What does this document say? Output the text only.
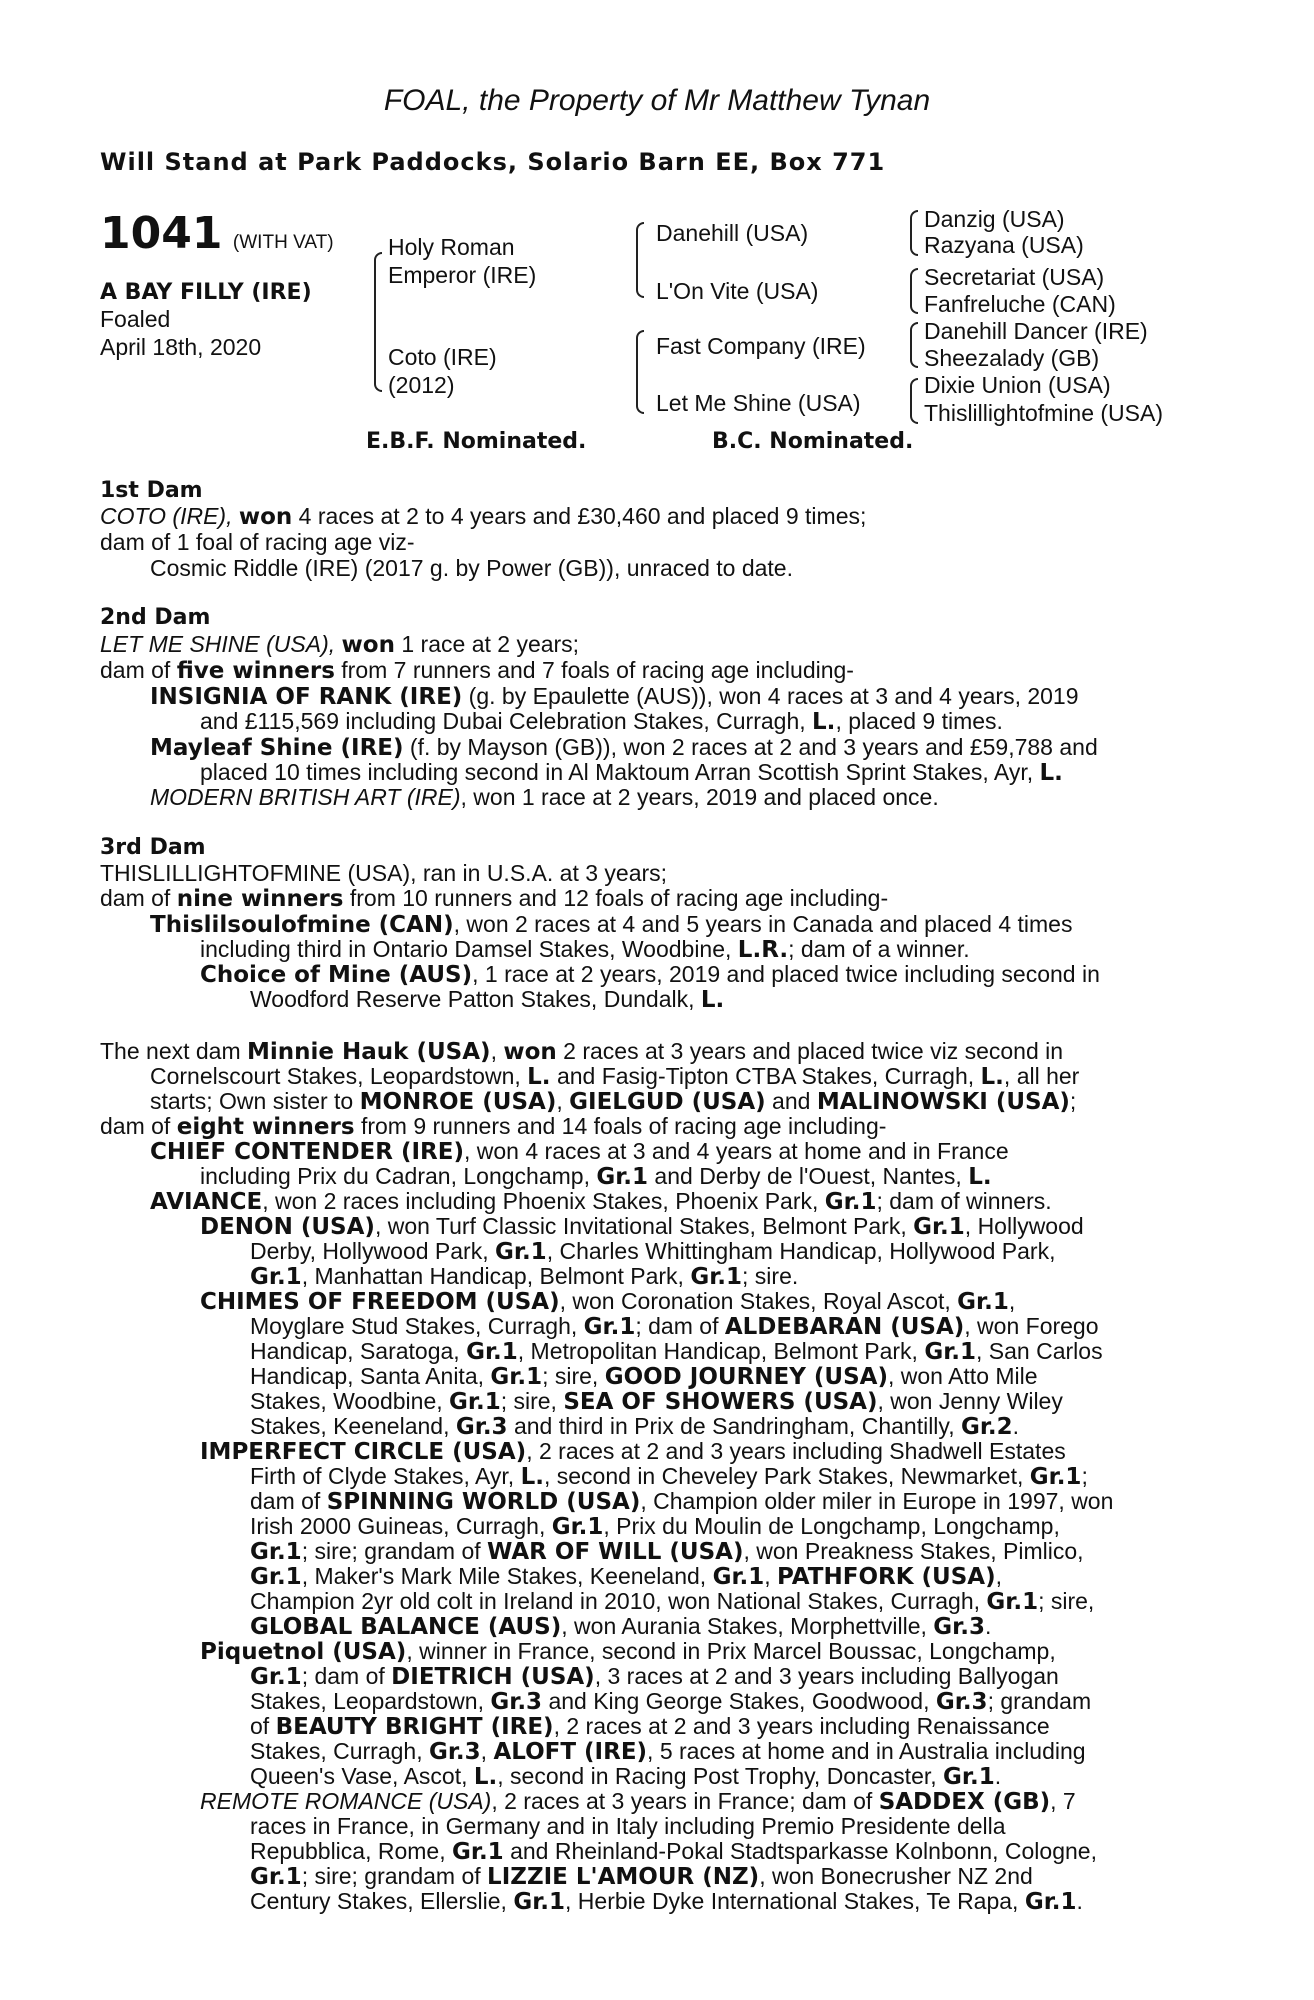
FOAL, the Property of Mr Matthew Tynan
Will Stand at Park Paddocks, Solario Barn EE, Box 771
1041 (WITH VAT)
A BAY FILLY (IRE)
Foaled
April 18th, 2020
Holy Roman
Emperor (IRE)
Coto (IRE)
(2012)
Danehill (USA)
L'On Vite (USA)
Fast Company (IRE)
Let Me Shine (USA)
Danzig (USA)
Razyana (USA)
Secretariat (USA)
Fanfreluche (CAN)
Danehill Dancer (IRE)
Sheezalady (GB)
Dixie Union (USA)
Thislillightofmine (USA)
E.B.F. Nominated.	B.C. Nominated.
1st Dam
COTO (IRE), won 4 races at 2 to 4 years and £30,460 and placed 9 times;
dam of 1 foal of racing age viz-
Cosmic Riddle (IRE) (2017 g. by Power (GB)), unraced to date.
2nd Dam
LET ME SHINE (USA), won 1 race at 2 years;
dam of five winners from 7 runners and 7 foals of racing age including-
INSIGNIA OF RANK (IRE) (g. by Epaulette (AUS)), won 4 races at 3 and 4 years, 2019
and £115,569 including Dubai Celebration Stakes, Curragh, L., placed 9 times.
Mayleaf Shine (IRE) (f. by Mayson (GB)), won 2 races at 2 and 3 years and £59,788 and
placed 10 times including second in Al Maktoum Arran Scottish Sprint Stakes, Ayr, L.
MODERN BRITISH ART (IRE), won 1 race at 2 years, 2019 and placed once.
3rd Dam
THISLILLIGHTOFMINE (USA), ran in U.S.A. at 3 years;
dam of nine winners from 10 runners and 12 foals of racing age including-
Thislilsoulofmine (CAN), won 2 races at 4 and 5 years in Canada and placed 4 times
including third in Ontario Damsel Stakes, Woodbine, L.R.; dam of a winner.
Choice of Mine (AUS), 1 race at 2 years, 2019 and placed twice including second in
Woodford Reserve Patton Stakes, Dundalk, L.
The next dam Minnie Hauk (USA), won 2 races at 3 years and placed twice viz second in
Cornelscourt Stakes, Leopardstown, L. and Fasig-Tipton CTBA Stakes, Curragh, L., all her
starts; Own sister to MONROE (USA), GIELGUD (USA) and MALINOWSKI (USA);
dam of eight winners from 9 runners and 14 foals of racing age including-
CHIEF CONTENDER (IRE), won 4 races at 3 and 4 years at home and in France
including Prix du Cadran, Longchamp, Gr.1 and Derby de l'Ouest, Nantes, L.
AVIANCE, won 2 races including Phoenix Stakes, Phoenix Park, Gr.1; dam of winners.
DENON (USA), won Turf Classic Invitational Stakes, Belmont Park, Gr.1, Hollywood
Derby, Hollywood Park, Gr.1, Charles Whittingham Handicap, Hollywood Park,
Gr.1, Manhattan Handicap, Belmont Park, Gr.1; sire.
CHIMES OF FREEDOM (USA), won Coronation Stakes, Royal Ascot, Gr.1,
Moyglare Stud Stakes, Curragh, Gr.1; dam of ALDEBARAN (USA), won Forego
Handicap, Saratoga, Gr.1, Metropolitan Handicap, Belmont Park, Gr.1, San Carlos
Handicap, Santa Anita, Gr.1; sire, GOOD JOURNEY (USA), won Atto Mile
Stakes, Woodbine, Gr.1; sire, SEA OF SHOWERS (USA), won Jenny Wiley
Stakes, Keeneland, Gr.3 and third in Prix de Sandringham, Chantilly, Gr.2.
IMPERFECT CIRCLE (USA), 2 races at 2 and 3 years including Shadwell Estates
Firth of Clyde Stakes, Ayr, L., second in Cheveley Park Stakes, Newmarket, Gr.1;
dam of SPINNING WORLD (USA), Champion older miler in Europe in 1997, won
Irish 2000 Guineas, Curragh, Gr.1, Prix du Moulin de Longchamp, Longchamp,
Gr.1; sire; grandam of WAR OF WILL (USA), won Preakness Stakes, Pimlico,
Gr.1, Maker's Mark Mile Stakes, Keeneland, Gr.1, PATHFORK (USA),
Champion 2yr old colt in Ireland in 2010, won National Stakes, Curragh, Gr.1; sire,
GLOBAL BALANCE (AUS), won Aurania Stakes, Morphettville, Gr.3.
Piquetnol (USA), winner in France, second in Prix Marcel Boussac, Longchamp,
Gr.1; dam of DIETRICH (USA), 3 races at 2 and 3 years including Ballyogan
Stakes, Leopardstown, Gr.3 and King George Stakes, Goodwood, Gr.3; grandam
of BEAUTY BRIGHT (IRE), 2 races at 2 and 3 years including Renaissance
Stakes, Curragh, Gr.3, ALOFT (IRE), 5 races at home and in Australia including
Queen's Vase, Ascot, L., second in Racing Post Trophy, Doncaster, Gr.1.
REMOTE ROMANCE (USA), 2 races at 3 years in France; dam of SADDEX (GB), 7
races in France, in Germany and in Italy including Premio Presidente della
Repubblica, Rome, Gr.1 and Rheinland-Pokal Stadtsparkasse Kolnbonn, Cologne,
Gr.1; sire; grandam of LIZZIE L'AMOUR (NZ), won Bonecrusher NZ 2nd
Century Stakes, Ellerslie, Gr.1, Herbie Dyke International Stakes, Te Rapa, Gr.1.
